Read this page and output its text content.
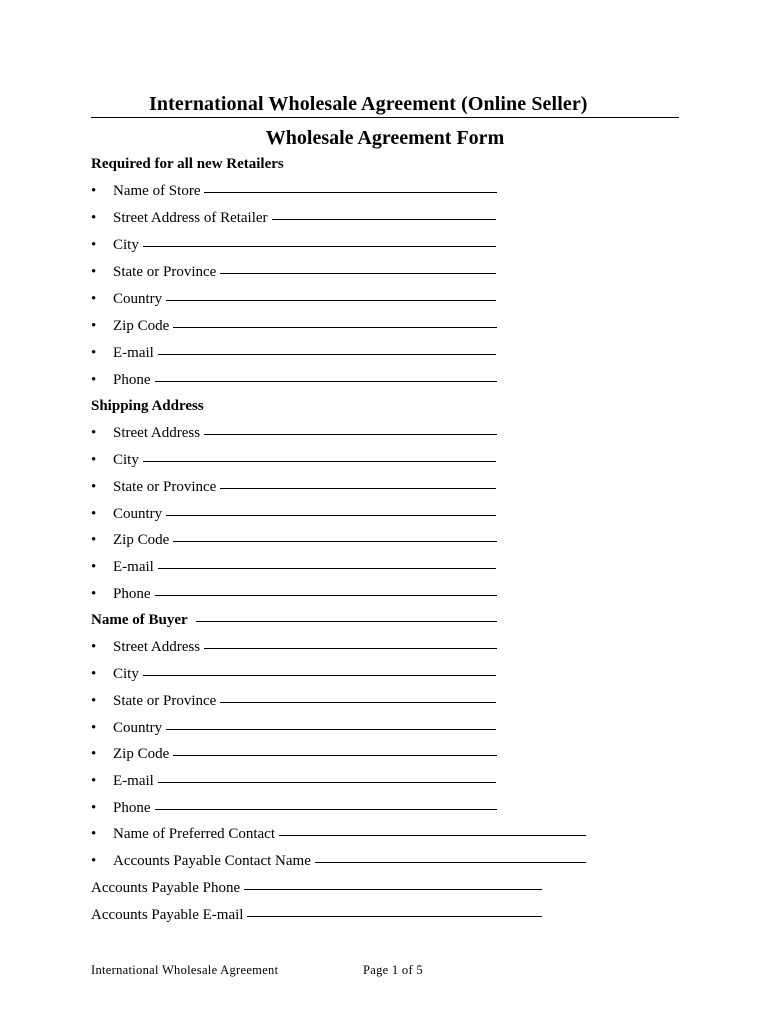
International Wholesale Agreement (Online Seller)
Wholesale Agreement Form
Required for all new Retailers
•
Name of Store
•
Street Address of Retailer
•
City
•
State or Province
•
Country
•
Zip Code
•
E-mail
•
Phone
Shipping Address
•
Street Address
•
City
•
State or Province
•
Country
•
Zip Code
•
E-mail
•
Phone
Name of Buyer
•
Street Address
•
City
•
State or Province
•
Country
•
Zip Code
•
E-mail
•
Phone
•
Name of Preferred Contact
•
Accounts Payable Contact Name
Accounts Payable Phone
Accounts Payable E-mail
International Wholesale Agreement	Page 1 of 5
